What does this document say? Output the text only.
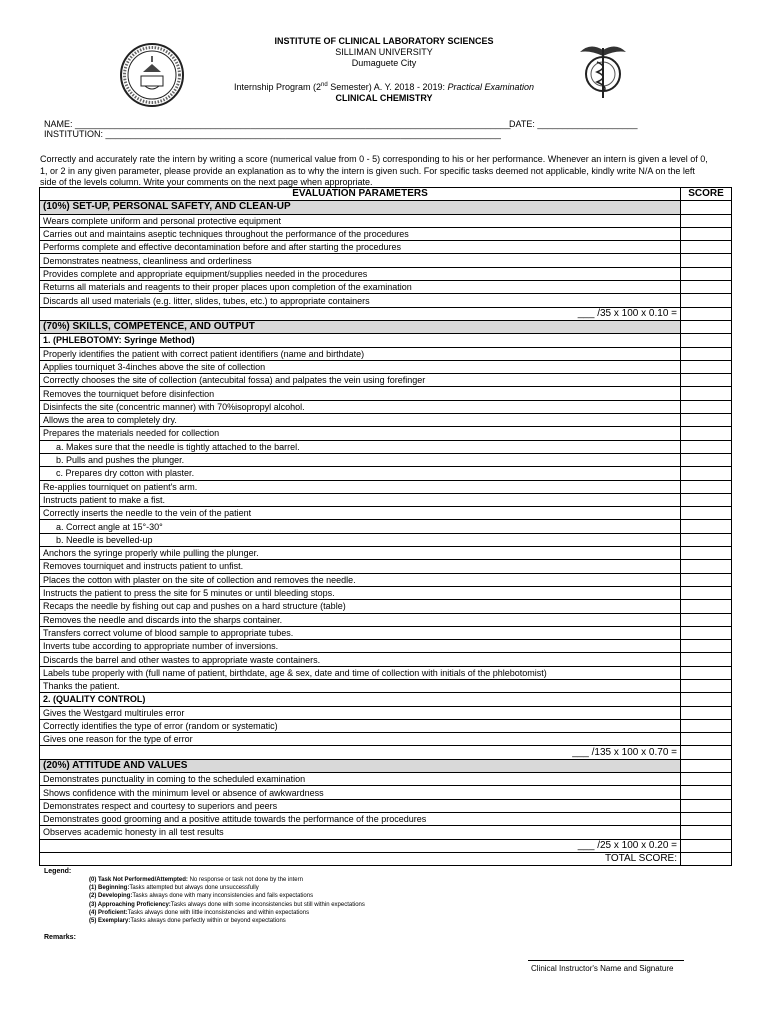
INSTITUTE OF CLINICAL LABORATORY SCIENCES
SILLIMAN UNIVERSITY
Dumaguete City
Internship Program (2nd Semester) A. Y. 2018 - 2019: Practical Examination
CLINICAL CHEMISTRY
NAME: _______________________________________________________________________________________
DATE: ____________________
INSTITUTION: _______________________________________________________________________________
Correctly and accurately rate the intern by writing a score (numerical value from 0 - 5) corresponding to his or her performance. Whenever an intern is given a level of 0, 1, or 2 in any given parameter, please provide an explanation as to why the intern is given such. For specific tasks deemed not applicable, kindly write N/A on the left side of the levels column. Write your comments on the next page when appropriate.
EVALUATION PARAMETERS	SCORE
(10%) SET-UP, PERSONAL SAFETY, AND CLEAN-UP	
Wears complete uniform and personal protective equipment	
Carries out and maintains aseptic techniques throughout the performance of the procedures	
Performs complete and effective decontamination before and after starting the procedures	
Demonstrates neatness, cleanliness and orderliness	
Provides complete and appropriate equipment/supplies needed in the procedures	
Returns all materials and reagents to their proper places upon completion of the examination	
Discards all used materials (e.g. litter, slides, tubes, etc.) to appropriate containers	
___ /35 x 100 x 0.10 =	
(70%) SKILLS, COMPETENCE, AND OUTPUT	
1. (PHLEBOTOMY: Syringe Method)	
Properly identifies the patient with correct patient identifiers (name and birthdate)	
Applies tourniquet 3-4inches above the site of collection	
Correctly chooses the site of collection (antecubital fossa) and palpates the vein using forefinger	
Removes the tourniquet before disinfection	
Disinfects the site (concentric manner) with 70%isopropyl alcohol.	
Allows the area to completely dry.	
Prepares the materials needed for collection	
a. Makes sure that the needle is tightly attached to the barrel.	
b. Pulls and pushes the plunger.	
c. Prepares dry cotton with plaster.	
Re-applies tourniquet on patient's arm.	
Instructs patient to make a fist.	
Correctly inserts the needle to the vein of the patient	
a. Correct angle at 15°-30°	
b. Needle is bevelled-up	
Anchors the syringe properly while pulling the plunger.	
Removes tourniquet and instructs patient to unfist.	
Places the cotton with plaster on the site of collection and removes the needle.	
Instructs the patient to press the site for 5 minutes or until bleeding stops.	
Recaps the needle by fishing out cap and pushes on a hard structure (table)	
Removes the needle and discards into the sharps container.	
Transfers correct volume of blood sample to appropriate tubes.	
Inverts tube according to appropriate number of inversions.	
Discards the barrel and other wastes to appropriate waste containers.	
Labels tube properly with (full name of patient, birthdate, age & sex, date and time of collection with initials of the phlebotomist)	
Thanks the patient.	
2. (QUALITY CONTROL)	
Gives the Westgard multirules error	
Correctly identifies the type of error (random or systematic)	
Gives one reason for the type of error	
___ /135 x 100 x 0.70 =	
(20%) ATTITUDE AND VALUES	
Demonstrates punctuality in coming to the scheduled examination	
Shows confidence with the minimum level or absence of awkwardness	
Demonstrates respect and courtesy to superiors and peers	
Demonstrates good grooming and a positive attitude towards the performance of the procedures	
Observes academic honesty in all test results	
___ /25 x 100 x 0.20 =	
TOTAL SCORE:	
Legend:
(0) Task Not Performed/Attempted: No response or task not done by the intern
(1) Beginning:Tasks attempted but always done unsuccessfully
(2) Developing:Tasks always done with many inconsistencies and fails expectations
(3) Approaching Proficiency:Tasks always done with some inconsistencies but still within expectations
(4) Proficient:Tasks always done with little inconsistencies and within expectations
(5) Exemplary:Tasks always done perfectly within or beyond expectations
Remarks:
Clinical Instructor's Name and Signature
